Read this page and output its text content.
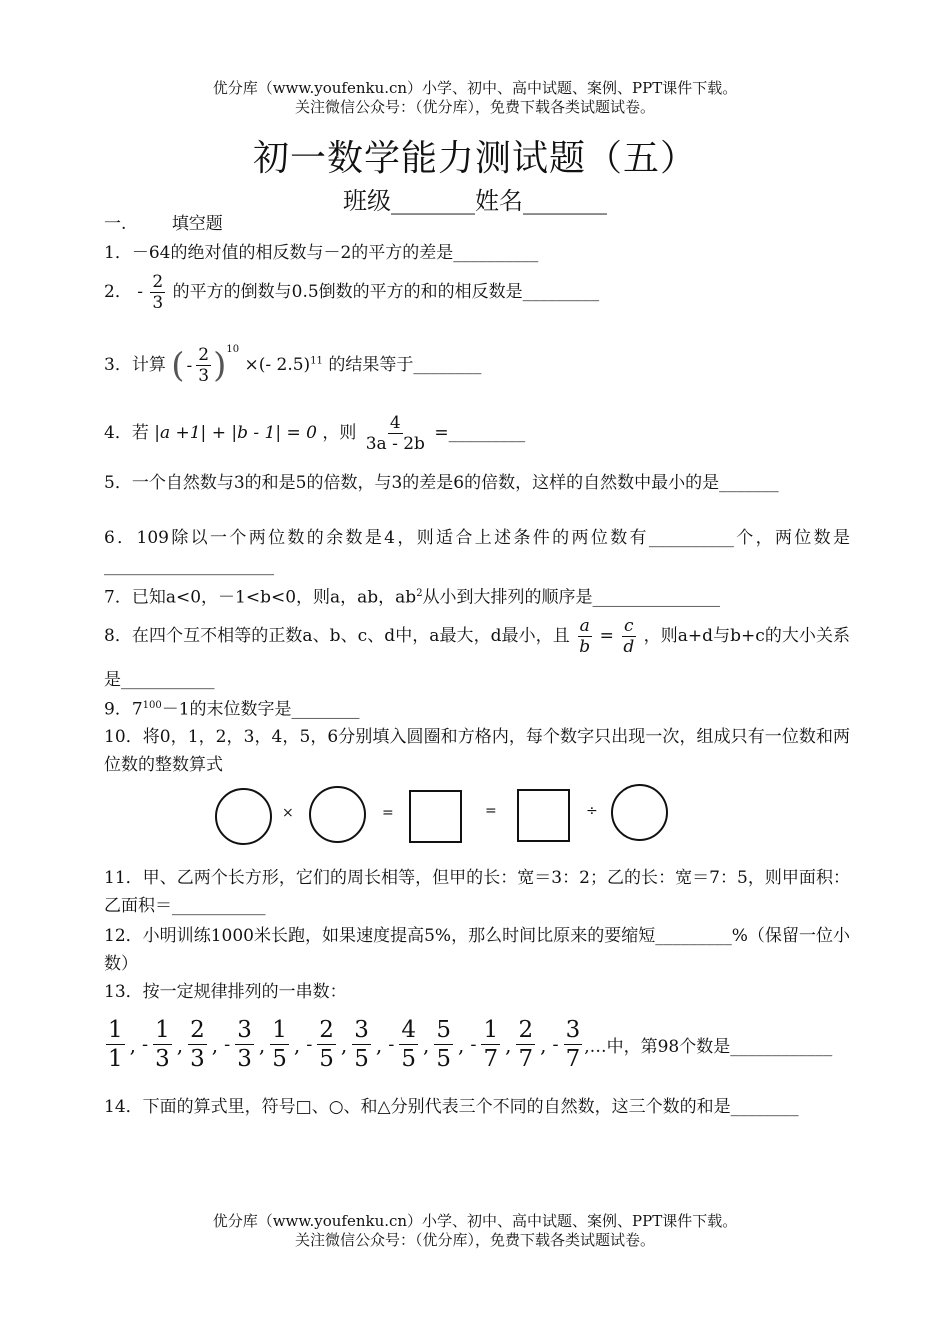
优分库（www.youfenku.cn）小学、初中、高中试题、案例、PPT课件下载。
关注微信公众号：（优分库），免费下载各类试题试卷。
初一数学能力测试题（五）
班级_______姓名_______
一.	填空题
1．－64的绝对值的相反数与－2的平方的差是__________
2． - $\frac{2}{3}$ 的平方的倒数与0.5倒数的平方的和的相反数是_________
3．计算 ( - $\frac{2}{3} )^{10}$ ×(- 2.5)$^{11}$ 的结果等于________
4．若 |a +1| + |b - 1| = 0 ，则 $\frac{4}{3a - 2b}$ =_________
5．一个自然数与3的和是5的倍数，与3的差是6的倍数，这样的自然数中最小的是_______
6．109除以一个两位数的余数是4，则适合上述条件的两位数有__________个，两位数是____________________
7．已知a<0，－1<b<0，则a，ab，$ab^2$从小到大排列的顺序是_______________
8．在四个互不相等的正数a、b、c、d中，a最大，d最小，且 $\frac{a}{b} = \frac{c}{d}$ ，则a+d与b+c的大小关系是___________
9．$7^{100}-1$的末位数字是________
10．将0，1，2，3，4，5，6分别填入圆圈和方格内，每个数字只出现一次，组成只有一位数和两位数的整数算式
×	=	=	÷
11．甲、乙两个长方形，它们的周长相等，但甲的长：宽＝3：2；乙的长：宽＝7：5，则甲面积：乙面积＝___________
12．小明训练1000米长跑，如果速度提高5%，那么时间比原来的要缩短_________%（保留一位小数）
13．按一定规律排列的一串数：
$\frac{1}{1}$ , - $\frac{1}{3}$ , $\frac{2}{3}$ , - $\frac{3}{3}$ , $\frac{1}{5}$ , - $\frac{2}{5}$ , $\frac{3}{5}$ , - $\frac{4}{5}$ , $\frac{5}{5}$ , - $\frac{1}{7}$ , $\frac{2}{7}$ , - $\frac{3}{7}$ ,…中，第98个数是____________
14．下面的算式里，符号□、○、和△分别代表三个不同的自然数，这三个数的和是________
优分库（www.youfenku.cn）小学、初中、高中试题、案例、PPT课件下载。
关注微信公众号：（优分库），免费下载各类试题试卷。
